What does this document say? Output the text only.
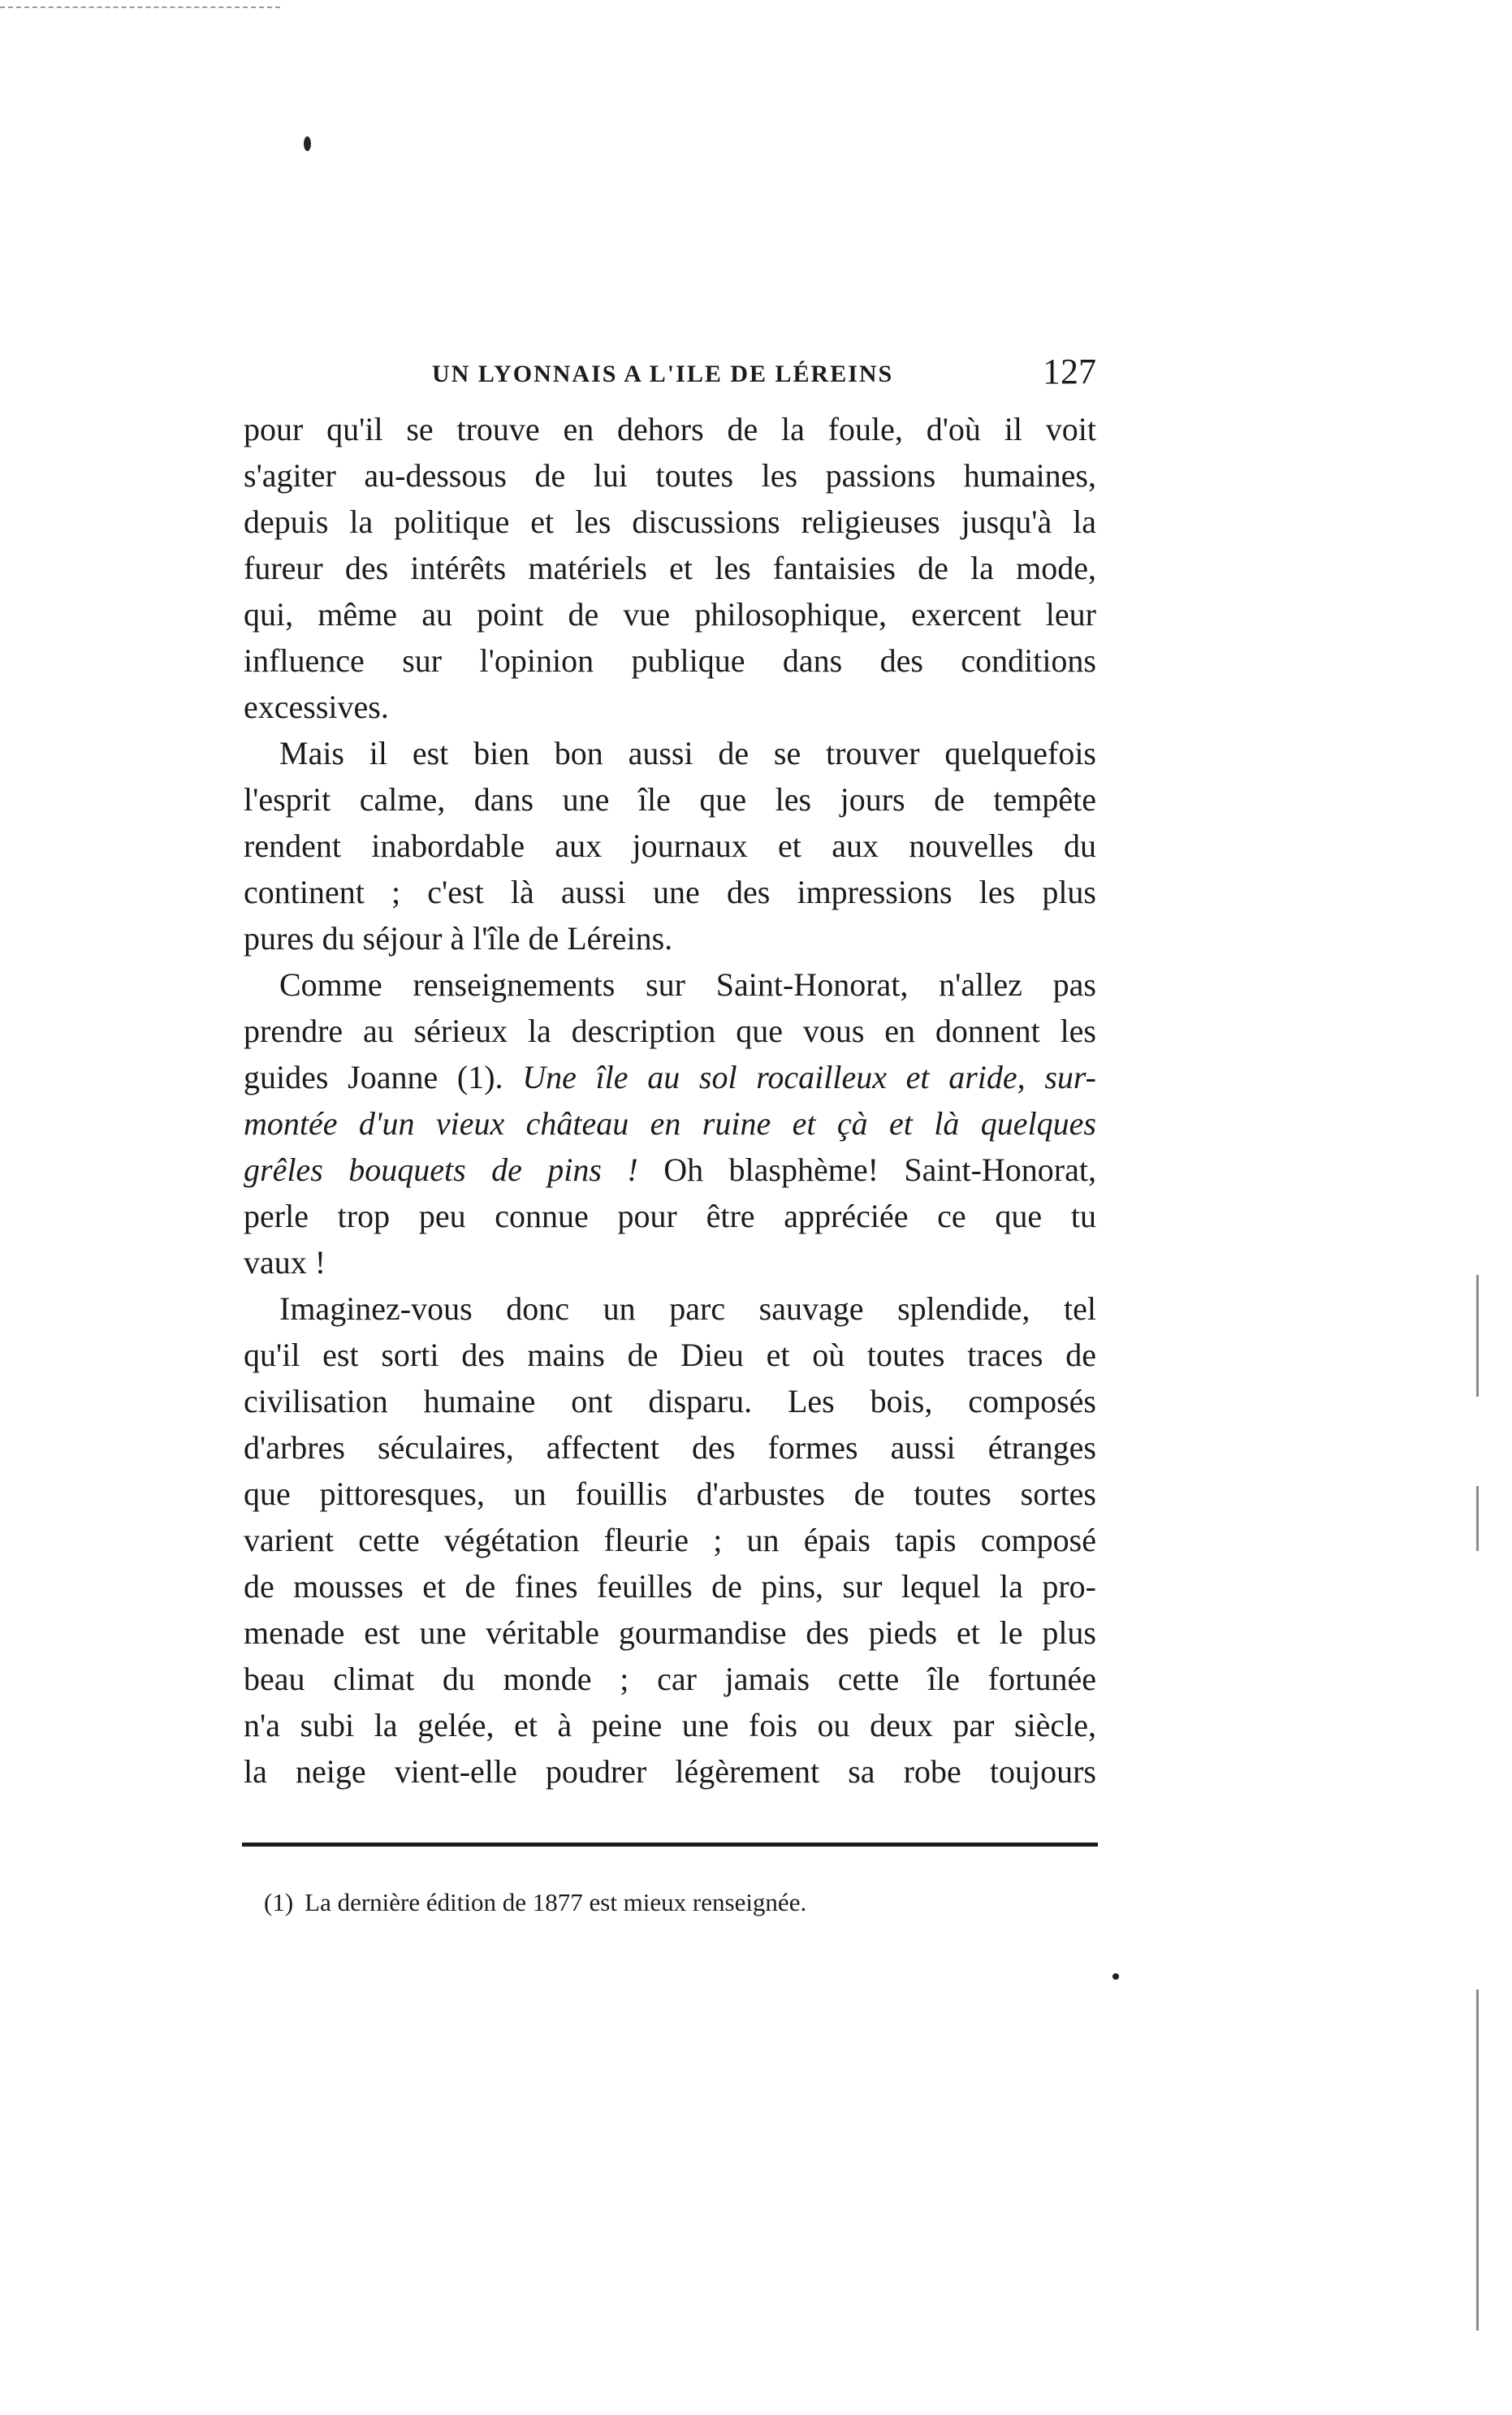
UN LYONNAIS A L'ILE DE LÉREINS	127
pour qu'il se trouve en dehors de la foule, d'où il voit
s'agiter au-dessous de lui toutes les passions humaines,
depuis la politique et les discussions religieuses jusqu'à la
fureur des intérêts matériels et les fantaisies de la mode,
qui, même au point de vue philosophique, exercent leur
influence sur l'opinion publique dans des conditions
excessives.
Mais il est bien bon aussi de se trouver quelquefois
l'esprit calme, dans une île que les jours de tempête
rendent inabordable aux journaux et aux nouvelles du
continent ; c'est là aussi une des impressions les plus
pures du séjour à l'île de Léreins.
Comme renseignements sur Saint-Honorat, n'allez pas
prendre au sérieux la description que vous en donnent les
guides Joanne (1). Une île au sol rocailleux et aride, sur-
montée d'un vieux château en ruine et çà et là quelques
grêles bouquets de pins ! Oh blasphème! Saint-Honorat,
perle trop peu connue pour être appréciée ce que tu
vaux !
Imaginez-vous donc un parc sauvage splendide, tel
qu'il est sorti des mains de Dieu et où toutes traces de
civilisation humaine ont disparu. Les bois, composés
d'arbres séculaires, affectent des formes aussi étranges
que pittoresques, un fouillis d'arbustes de toutes sortes
varient cette végétation fleurie ; un épais tapis composé
de mousses et de fines feuilles de pins, sur lequel la pro-
menade est une véritable gourmandise des pieds et le plus
beau climat du monde ; car jamais cette île fortunée
n'a subi la gelée, et à peine une fois ou deux par siècle,
la neige vient-elle poudrer légèrement sa robe toujours
(1) La dernière édition de 1877 est mieux renseignée.
